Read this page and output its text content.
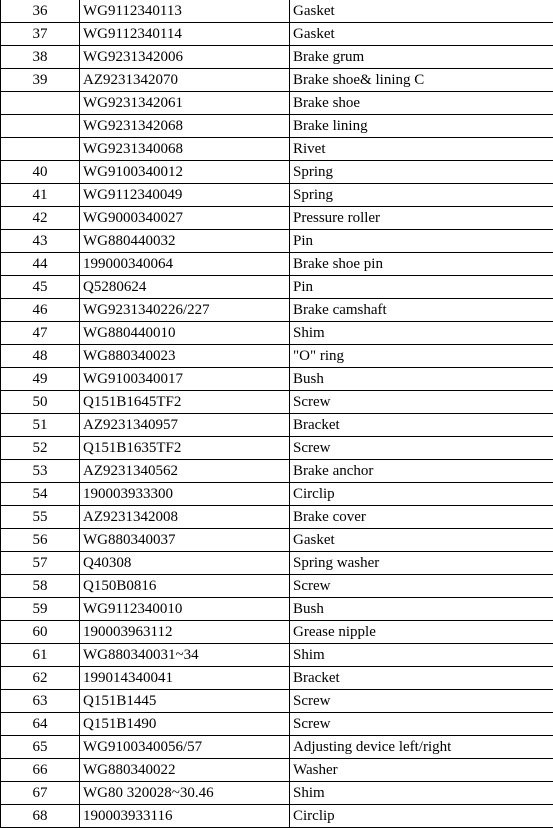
36	WG9112340113	Gasket
37	WG9112340114	Gasket
38	WG9231342006	Brake grum
39	AZ9231342070	Brake shoe& lining C
	WG9231342061	Brake shoe
	WG9231342068	Brake lining
	WG9231340068	Rivet
40	WG9100340012	Spring
41	WG9112340049	Spring
42	WG9000340027	Pressure roller
43	WG880440032	Pin
44	199000340064	Brake shoe pin
45	Q5280624	Pin
46	WG9231340226/227	Brake camshaft
47	WG880440010	Shim
48	WG880340023	"O" ring
49	WG9100340017	Bush
50	Q151B1645TF2	Screw
51	AZ9231340957	Bracket
52	Q151B1635TF2	Screw
53	AZ9231340562	Brake anchor
54	190003933300	Circlip
55	AZ9231342008	Brake cover
56	WG880340037	Gasket
57	Q40308	Spring washer
58	Q150B0816	Screw
59	WG9112340010	Bush
60	190003963112	Grease nipple
61	WG880340031~34	Shim
62	199014340041	Bracket
63	Q151B1445	Screw
64	Q151B1490	Screw
65	WG9100340056/57	Adjusting device left/right
66	WG880340022	Washer
67	WG80 320028~30.46	Shim
68	190003933116	Circlip
